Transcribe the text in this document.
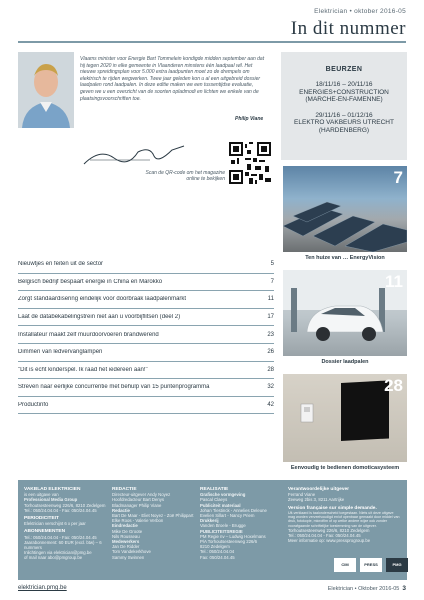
Elektrician • oktober 2016-05
In dit nummer
Vlaams minister voor Energie Bart Tommelein kondigde midden september aan dat hij tegen 2020 in elke gemeente in Vlaanderen minstens één laadpaal wil. Het nieuwe spreidingsplan voor 5.000 extra laadpunten moet zo de drempels om elektrisch te rijden wegwerken. Twee jaar geleden kon u al een uitgebreid dossier laadpalen rond laadpalen. In deze editie maken we een tussentijdse evaluatie, geven we u een overzicht van de soorten opladmodi en lichten we enkele van de plaatsingsvoorschriften toe.
Philip Viane
BEURZEN
18/11/16 – 20/11/16
ENERGIES+CONSTRUCTION
(MARCHE-EN-FAMENNE)
29/11/16 – 01/12/16
ELEKTRO VAKBEURS UTRECHT
(HARDENBERG)
Scan de QR-code om het magazine online te bekijken
Nieuwtjes en feiten uit de sector	5
Belgisch bedrijf bespaart energie in China en Marokko	7
Zorgt standaardisering eindelijk voor doorbraak laadpalenmarkt	11
Laat de databekabelingstrein niet aan u voorbijflitsen (deel 2)	17
Installateur maakt zelf muurdoorvoeren brandwerend	23
Dimmen van ledvervanglampen	26
"Dit is echt kinderspel. Ik raad het iedereen aan!"	28
Streven naar eerlijke concurrentie met behulp van 15 puntenprogramma	32
Productinfo	42
7
Ten huize van … EnergyVision
11
Dossier laadpalen
28
Eenvoudig te bedienen domoticasysteem
VAKBLAD ELEKTRICIEN
is een uitgave van
Professional Media Group
Torhoutsesteenweg 226/6, 8210 Zedelgem
Tel.: 050/24.04.04 - Fax: 050/24.04.45
PERIODICITEIT
Elektrician verschijnt 6 x per jaar
ABONNEMENTEN
Tel.: 050/24.04.04 - Fax: 050/24.04.45
Jaarabonnement: 60 EUR (excl. btw) – 6 nummers
Inlichtingen via elektrician@pmg.be
of mail naar abo@pmgroup.be
REDACTIE
Directeur-uitgever Andy Noyez
Hoofdredacteur Bart Denys
Bladmanager Philip Viane
Redactie
Bart De Maar - Eliet Noyez - Zoë Philippart
Elke Roos - Valerie Verbon
Eindredactie
Mike De Groote
Nils Rousseau
Medewerkers
Jan De Ridder
Tom Vandekerkhove
Sammy Swinnen
REALISATIE
Grafische vormgeving
Pascal Claeys
Publiciteit materiaal
Johan Tiestinck - Annelies Deleune
Evelien Sillart - Nancy Priem
Drukkerij
Vanden Broele - Brugge
PUBLICITEITSREGIE
PM Regie nv – Ludwig Hoxelmans
P/A Torhoutsesteenweg 226/6
8210 Zedelgem
Tel.: 050/24.04.04
Fax: 050/24.04.45
Verantwoordelijke uitgever
Ferrand Viane
Zeeweg 2bis 3, 8211 Aartrijke
Version française sur simple demande.
Uit-verklaard is taalonderscheid toegestaan. Niets uit deze uitgave mag worden verveelvoudigd en/of openbaar gemaakt door middel van druk, fotokopie, microfilm of op welke andere wijze ook zonder voorafgaande schriftelijke toestemming van de uitgever.
Torhoutsesteenweg 226/6, 8210 Zedelgem
Tel.: 050/24.04.04 - Fax: 050/24.04.45
Meer informatie op: www.pressprogroup.be
CIM	PRESS	PMG
elektrician.pmg.be	Elektrician • Oktober 2016-05 3
